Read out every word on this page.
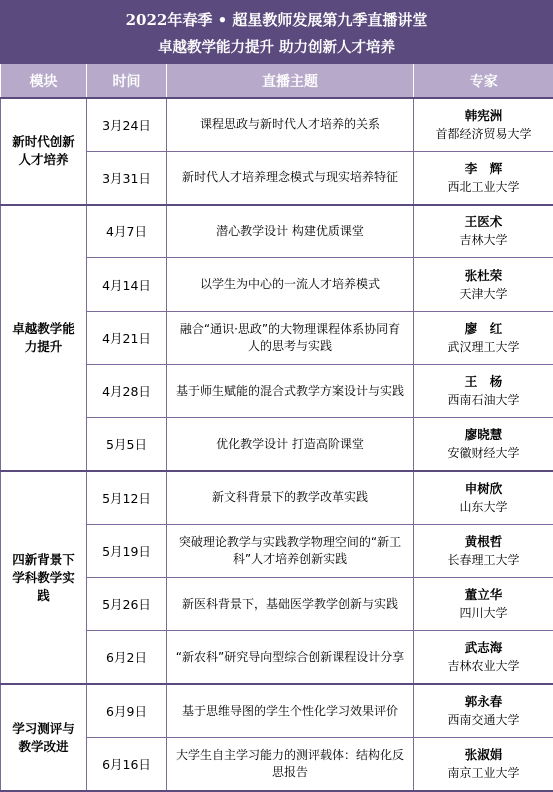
2022年春季 • 超星教师发展第九季直播讲堂
卓越教学能力提升 助力创新人才培养
模块	时间	直播主题	专家
新时代创新人才培养	3月24日	课程思政与新时代人才培养的关系	韩宪洲
首都经济贸易大学

	3月31日	新时代人才培养理念模式与现实培养特征	李　辉
西北工业大学

卓越教学能力提升	4月7日	潜心教学设计 构建优质课堂	王医术
吉林大学

	4月14日	以学生为中心的一流人才培养模式	张杜荣
天津大学

	4月21日	融合“通识·思政”的大物理课程体系协同育人的思考与实践	廖　红
武汉理工大学

	4月28日	基于师生赋能的混合式教学方案设计与实践	王　杨
西南石油大学

	5月5日	优化教学设计 打造高阶课堂	廖晓慧
安徽财经大学

四新背景下学科教学实践	5月12日	新文科背景下的教学改革实践	申树欣
山东大学

	5月19日	突破理论教学与实践教学物理空间的“新工科”人才培养创新实践	黄根哲
长春理工大学

	5月26日	新医科背景下，基础医学教学创新与实践	董立华
四川大学

	6月2日	“新农科”研究导向型综合创新课程设计分享	武志海
吉林农业大学

学习测评与教学改进	6月9日	基于思维导图的学生个性化学习效果评价	郭永春
西南交通大学

	6月16日	大学生自主学习能力的测评载体：结构化反思报告	张淑娟
南京工业大学
